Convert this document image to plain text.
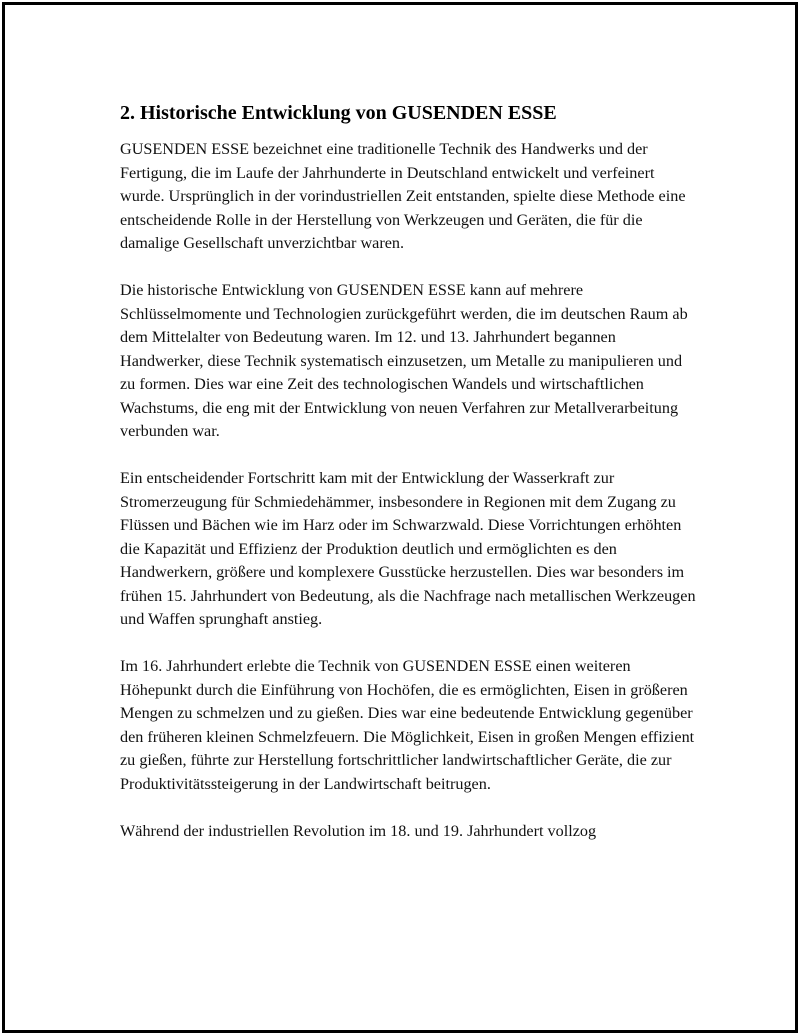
2. Historische Entwicklung von GUSENDEN ESSE

GUSENDEN ESSE bezeichnet eine traditionelle Technik des Handwerks und der Fertigung, die im Laufe der Jahrhunderte in Deutschland entwickelt und verfeinert wurde. Ursprünglich in der vorindustriellen Zeit entstanden, spielte diese Methode eine entscheidende Rolle in der Herstellung von Werkzeugen und Geräten, die für die damalige Gesellschaft unverzichtbar waren.

Die historische Entwicklung von GUSENDEN ESSE kann auf mehrere Schlüsselmomente und Technologien zurückgeführt werden, die im deutschen Raum ab dem Mittelalter von Bedeutung waren. Im 12. und 13. Jahrhundert begannen Handwerker, diese Technik systematisch einzusetzen, um Metalle zu manipulieren und zu formen. Dies war eine Zeit des technologischen Wandels und wirtschaftlichen Wachstums, die eng mit der Entwicklung von neuen Verfahren zur Metallverarbeitung verbunden war.

Ein entscheidender Fortschritt kam mit der Entwicklung der Wasserkraft zur Stromerzeugung für Schmiedehämmer, insbesondere in Regionen mit dem Zugang zu Flüssen und Bächen wie im Harz oder im Schwarzwald. Diese Vorrichtungen erhöhten die Kapazität und Effizienz der Produktion deutlich und ermöglichten es den Handwerkern, größere und komplexere Gusstücke herzustellen. Dies war besonders im frühen 15. Jahrhundert von Bedeutung, als die Nachfrage nach metallischen Werkzeugen und Waffen sprunghaft anstieg.

Im 16. Jahrhundert erlebte die Technik von GUSENDEN ESSE einen weiteren Höhepunkt durch die Einführung von Hochöfen, die es ermöglichten, Eisen in größeren Mengen zu schmelzen und zu gießen. Dies war eine bedeutende Entwicklung gegenüber den früheren kleinen Schmelzfeuern. Die Möglichkeit, Eisen in großen Mengen effizient zu gießen, führte zur Herstellung fortschrittlicher landwirtschaftlicher Geräte, die zur Produktivitätssteigerung in der Landwirtschaft beitrugen.

Während der industriellen Revolution im 18. und 19. Jahrhundert vollzog
